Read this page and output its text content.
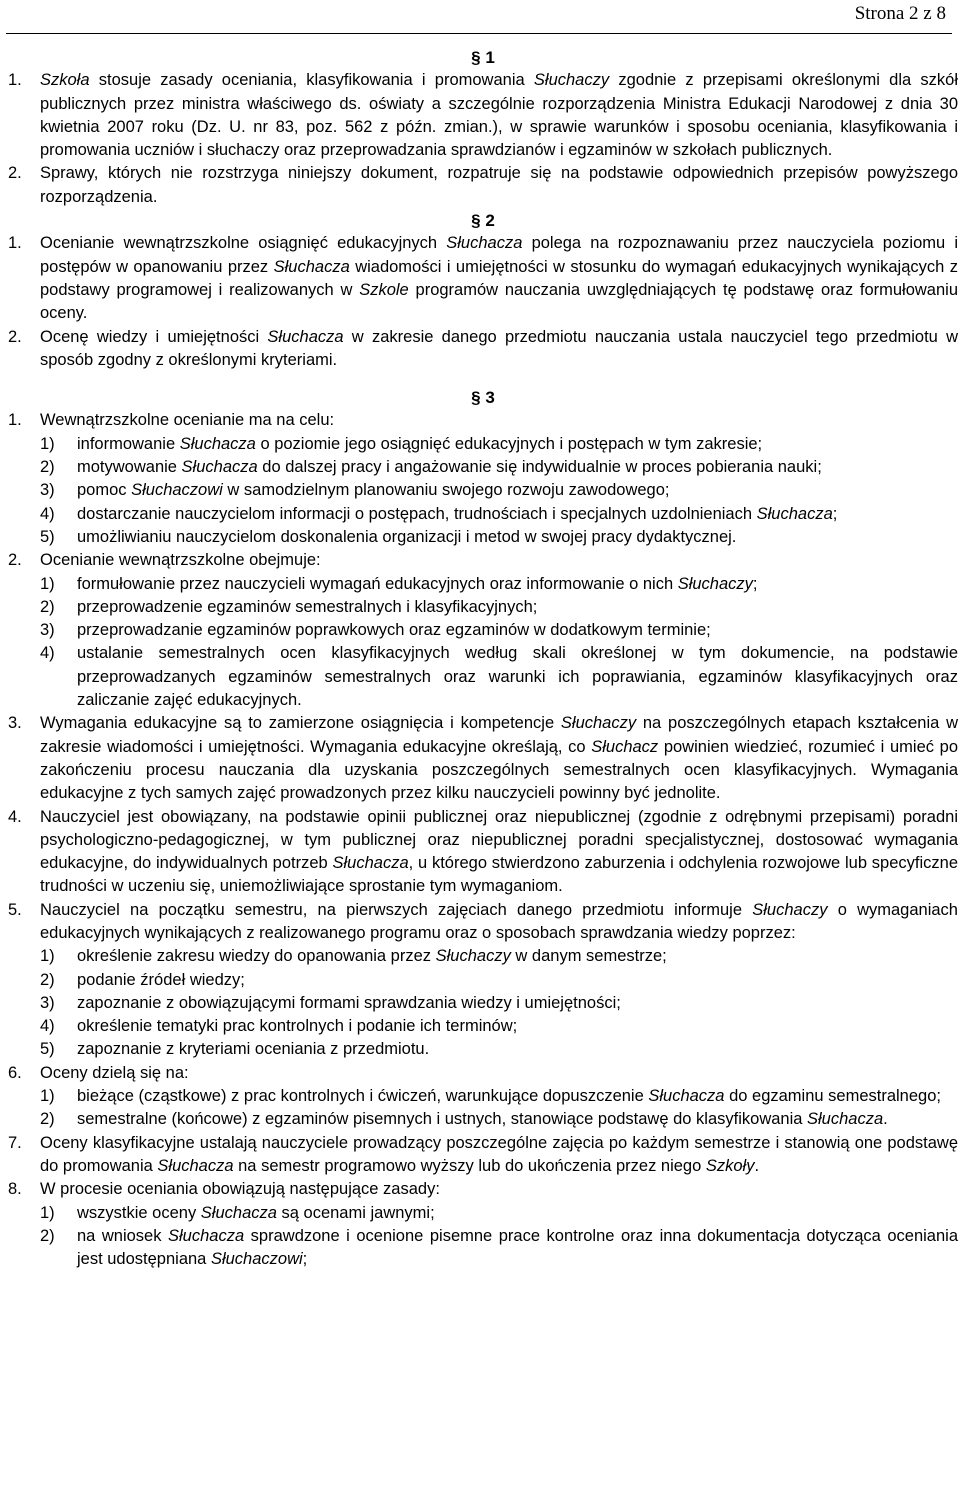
Strona 2 z 8
§ 1
1.	Szkoła stosuje zasady oceniania, klasyfikowania i promowania Słuchaczy zgodnie z przepisami określonymi dla szkół publicznych przez ministra właściwego ds. oświaty a szczególnie rozporządzenia Ministra Edukacji Narodowej z dnia 30 kwietnia 2007 roku (Dz. U. nr 83, poz. 562 z późn. zmian.), w sprawie warunków i sposobu oceniania, klasyfikowania i promowania uczniów i słuchaczy oraz przeprowadzania sprawdzianów i egzaminów w szkołach publicznych.
2.	Sprawy, których nie rozstrzyga niniejszy dokument, rozpatruje się na podstawie odpowiednich przepisów powyższego rozporządzenia.
§ 2
1.	Ocenianie wewnątrzszkolne osiągnięć edukacyjnych Słuchacza polega na rozpoznawaniu przez nauczyciela poziomu i postępów w opanowaniu przez Słuchacza wiadomości i umiejętności w stosunku do wymagań edukacyjnych wynikających z podstawy programowej i realizowanych w Szkole programów nauczania uwzględniających tę podstawę oraz formułowaniu oceny.
2.	Ocenę wiedzy i umiejętności Słuchacza w zakresie danego przedmiotu nauczania ustala nauczyciel tego przedmiotu w sposób zgodny z określonymi kryteriami.
§ 3
1.	Wewnątrzszkolne ocenianie ma na celu:
1)	informowanie Słuchacza o poziomie jego osiągnięć edukacyjnych i postępach w tym zakresie;
2)	motywowanie Słuchacza do dalszej pracy i angażowanie się indywidualnie w proces pobierania nauki;
3)	pomoc Słuchaczowi w samodzielnym planowaniu swojego rozwoju zawodowego;
4)	dostarczanie nauczycielom informacji o postępach, trudnościach i specjalnych uzdolnieniach Słuchacza;
5)	umożliwianiu nauczycielom doskonalenia organizacji i metod w swojej pracy dydaktycznej.
2.	Ocenianie wewnątrzszkolne obejmuje:
1)	formułowanie przez nauczycieli wymagań edukacyjnych oraz informowanie o nich Słuchaczy;
2)	przeprowadzenie egzaminów semestralnych i klasyfikacyjnych;
3)	przeprowadzanie egzaminów poprawkowych oraz egzaminów w dodatkowym terminie;
4)	ustalanie semestralnych ocen klasyfikacyjnych według skali określonej w tym dokumencie, na podstawie przeprowadzanych egzaminów semestralnych oraz warunki ich poprawiania, egzaminów klasyfikacyjnych oraz zaliczanie zajęć edukacyjnych.
3.	Wymagania edukacyjne są to zamierzone osiągnięcia i kompetencje Słuchaczy na poszczególnych etapach kształcenia w zakresie wiadomości i umiejętności. Wymagania edukacyjne określają, co Słuchacz powinien wiedzieć, rozumieć i umieć po zakończeniu procesu nauczania dla uzyskania poszczególnych semestralnych ocen klasyfikacyjnych. Wymagania edukacyjne z tych samych zajęć prowadzonych przez kilku nauczycieli powinny być jednolite.
4.	Nauczyciel jest obowiązany, na podstawie opinii publicznej oraz niepublicznej (zgodnie z odrębnymi przepisami) poradni psychologiczno-pedagogicznej, w tym publicznej oraz niepublicznej poradni specjalistycznej, dostosować wymagania edukacyjne, do indywidualnych potrzeb Słuchacza, u którego stwierdzono zaburzenia i odchylenia rozwojowe lub specyficzne trudności w uczeniu się, uniemożliwiające sprostanie tym wymaganiom.
5.	Nauczyciel na początku semestru, na pierwszych zajęciach danego przedmiotu informuje Słuchaczy o wymaganiach edukacyjnych wynikających z realizowanego programu oraz o sposobach sprawdzania wiedzy poprzez:
1)	określenie zakresu wiedzy do opanowania przez Słuchaczy w danym semestrze;
2)	podanie źródeł wiedzy;
3)	zapoznanie z obowiązującymi formami sprawdzania wiedzy i umiejętności;
4)	określenie tematyki prac kontrolnych i podanie ich terminów;
5)	zapoznanie z kryteriami oceniania z przedmiotu.
6.	Oceny dzielą się na:
1)	bieżące (cząstkowe) z prac kontrolnych i ćwiczeń, warunkujące dopuszczenie Słuchacza do egzaminu semestralnego;
2)	semestralne (końcowe) z egzaminów pisemnych i ustnych, stanowiące podstawę do klasyfikowania Słuchacza.
7.	Oceny klasyfikacyjne ustalają nauczyciele prowadzący poszczególne zajęcia po każdym semestrze i stanowią one podstawę do promowania Słuchacza na semestr programowo wyższy lub do ukończenia przez niego Szkoły.
8.	W procesie oceniania obowiązują następujące zasady:
1)	wszystkie oceny Słuchacza są ocenami jawnymi;
2)	na wniosek Słuchacza sprawdzone i ocenione pisemne prace kontrolne oraz inna dokumentacja dotycząca oceniania jest udostępniana Słuchaczowi;
